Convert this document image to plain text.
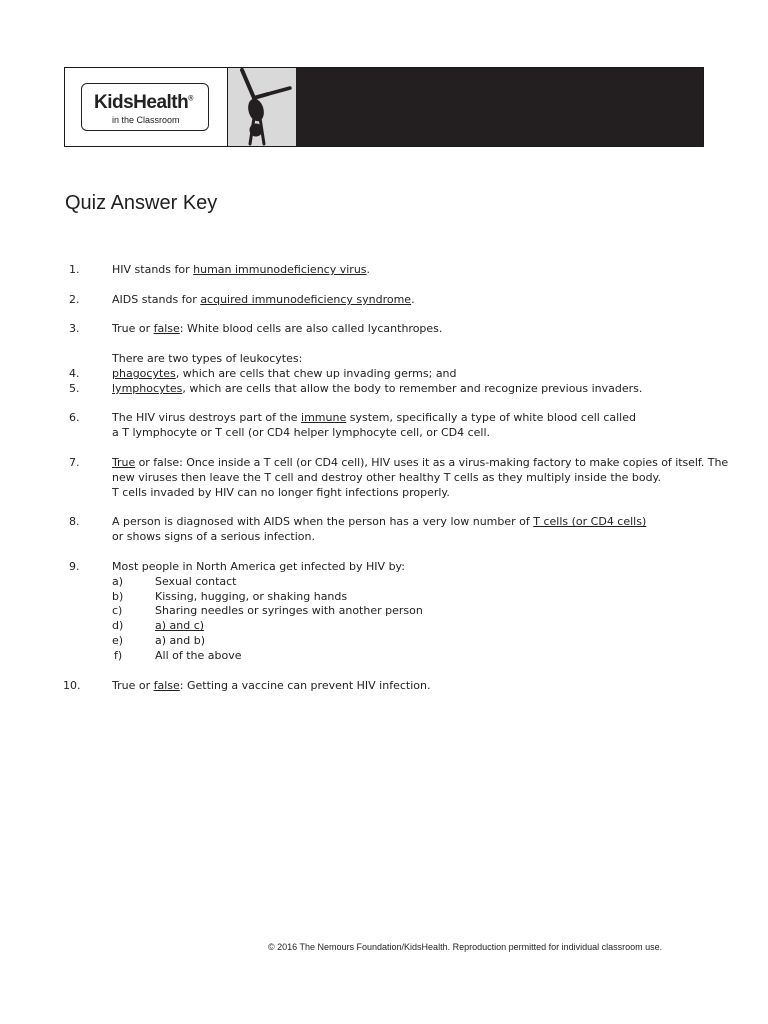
KidsHealth®
in the Classroom
Quiz Answer Key
1.	HIV stands for human immunodeficiency virus.
2.	AIDS stands for acquired immunodeficiency syndrome.
3.	True or false: White blood cells are also called lycanthropes.
There are two types of leukocytes:
4.	phagocytes, which are cells that chew up invading germs; and
5.	lymphocytes, which are cells that allow the body to remember and recognize previous invaders.
6.	The HIV virus destroys part of the immune system, specifically a type of white blood cell called
a T lymphocyte or T cell (or CD4 helper lymphocyte cell, or CD4 cell.
7.	True or false: Once inside a T cell (or CD4 cell), HIV uses it as a virus-making factory to make copies of itself. The
new viruses then leave the T cell and destroy other healthy T cells as they multiply inside the body.
T cells invaded by HIV can no longer fight infections properly.
8.	A person is diagnosed with AIDS when the person has a very low number of T cells (or CD4 cells)
or shows signs of a serious infection.
9.	Most people in North America get infected by HIV by:
a)	Sexual contact
b)	Kissing, hugging, or shaking hands
c)	Sharing needles or syringes with another person
d)	a) and c)
e)	a) and b)
f)	All of the above
10.	True or false: Getting a vaccine can prevent HIV infection.
© 2016 The Nemours Foundation/KidsHealth. Reproduction permitted for individual classroom use.
